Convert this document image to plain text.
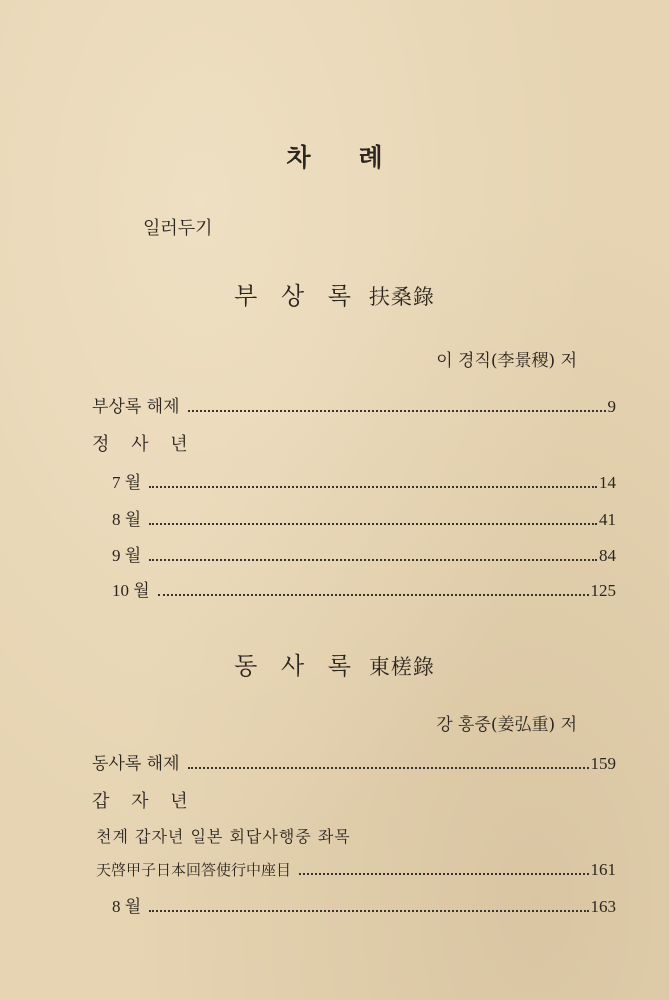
차 례
일러두기
부 상 록 扶桑錄
이 경직(李景稷) 저
부상록 해제	9
정 사 년
7 월	14
8 월	41
9 월	84
10 월	125
동 사 록 東槎錄
강 홍중(姜弘重) 저
동사록 해제	159
갑 자 년
천계 갑자년 일본 회답사행중 좌목
天啓甲子日本回答使行中座目	161
8 월	163
